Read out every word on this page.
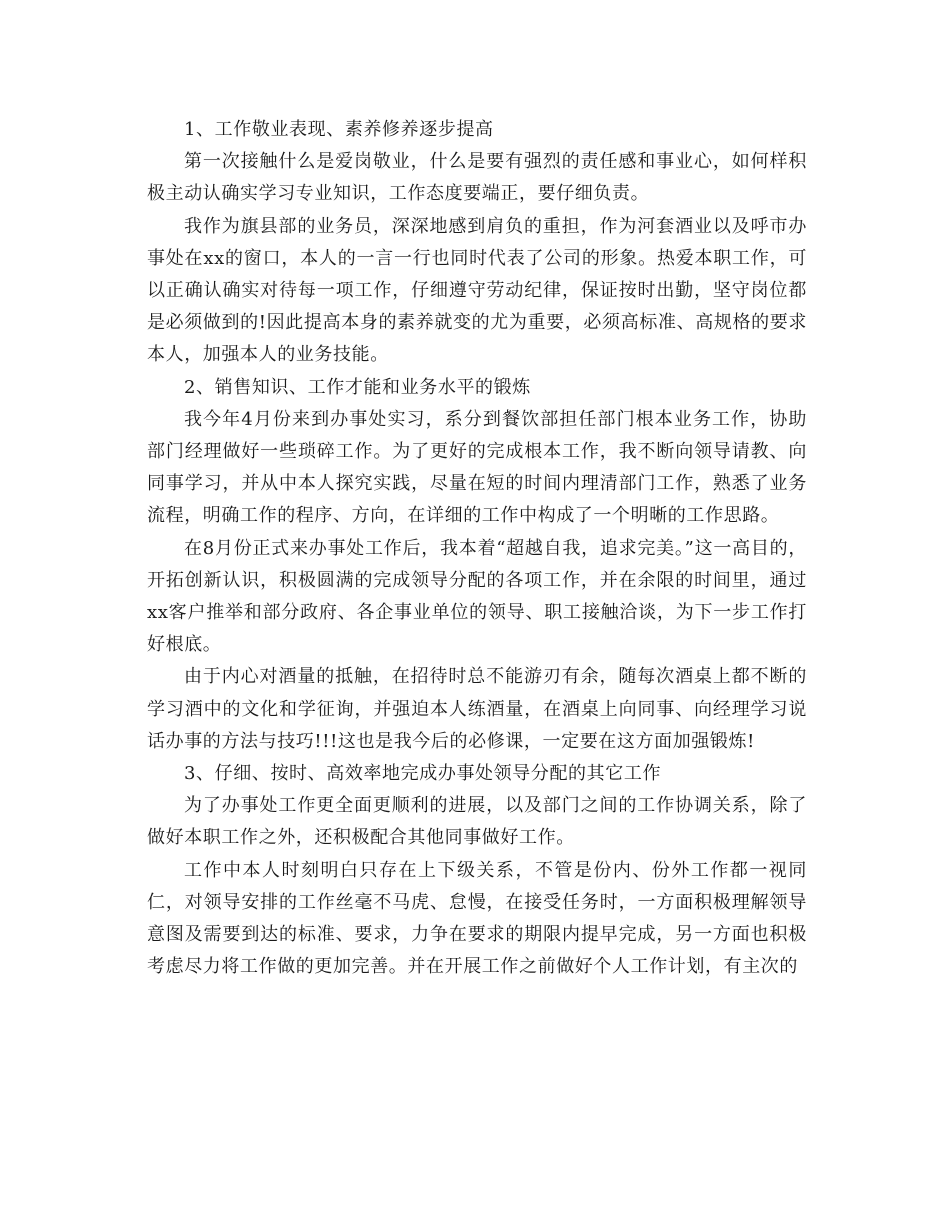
1、工作敬业表现、素养修养逐步提高

第一次接触什么是爱岗敬业，什么是要有强烈的责任感和事业心，如何样积极主动认确实学习专业知识，工作态度要端正，要仔细负责。

我作为旗县部的业务员，深深地感到肩负的重担，作为河套酒业以及呼市办事处在xx的窗口，本人的一言一行也同时代表了公司的形象。热爱本职工作，可以正确认确实对待每一项工作，仔细遵守劳动纪律，保证按时出勤，坚守岗位都是必须做到的!因此提高本身的素养就变的尤为重要，必须高标准、高规格的要求本人，加强本人的业务技能。

2、销售知识、工作才能和业务水平的锻炼

我今年4月份来到办事处实习，系分到餐饮部担任部门根本业务工作，协助部门经理做好一些琐碎工作。为了更好的完成根本工作，我不断向领导请教、向同事学习，并从中本人探究实践，尽量在短的时间内理清部门工作，熟悉了业务流程，明确工作的程序、方向，在详细的工作中构成了一个明晰的工作思路。

在8月份正式来办事处工作后，我本着“超越自我，追求完美。”这一高目的，开拓创新认识，积极圆满的完成领导分配的各项工作，并在余限的时间里，通过xx客户推举和部分政府、各企事业单位的领导、职工接触洽谈，为下一步工作打好根底。

由于内心对酒量的抵触，在招待时总不能游刃有余，随每次酒桌上都不断的学习酒中的文化和学征询，并强迫本人练酒量，在酒桌上向同事、向经理学习说话办事的方法与技巧!!!这也是我今后的必修课，一定要在这方面加强锻炼!

3、仔细、按时、高效率地完成办事处领导分配的其它工作

为了办事处工作更全面更顺利的进展，以及部门之间的工作协调关系，除了做好本职工作之外，还积极配合其他同事做好工作。

工作中本人时刻明白只存在上下级关系，不管是份内、份外工作都一视同仁，对领导安排的工作丝毫不马虎、怠慢，在接受任务时，一方面积极理解领导意图及需要到达的标准、要求，力争在要求的期限内提早完成，另一方面也积极考虑尽力将工作做的更加完善。并在开展工作之前做好个人工作计划，有主次的
